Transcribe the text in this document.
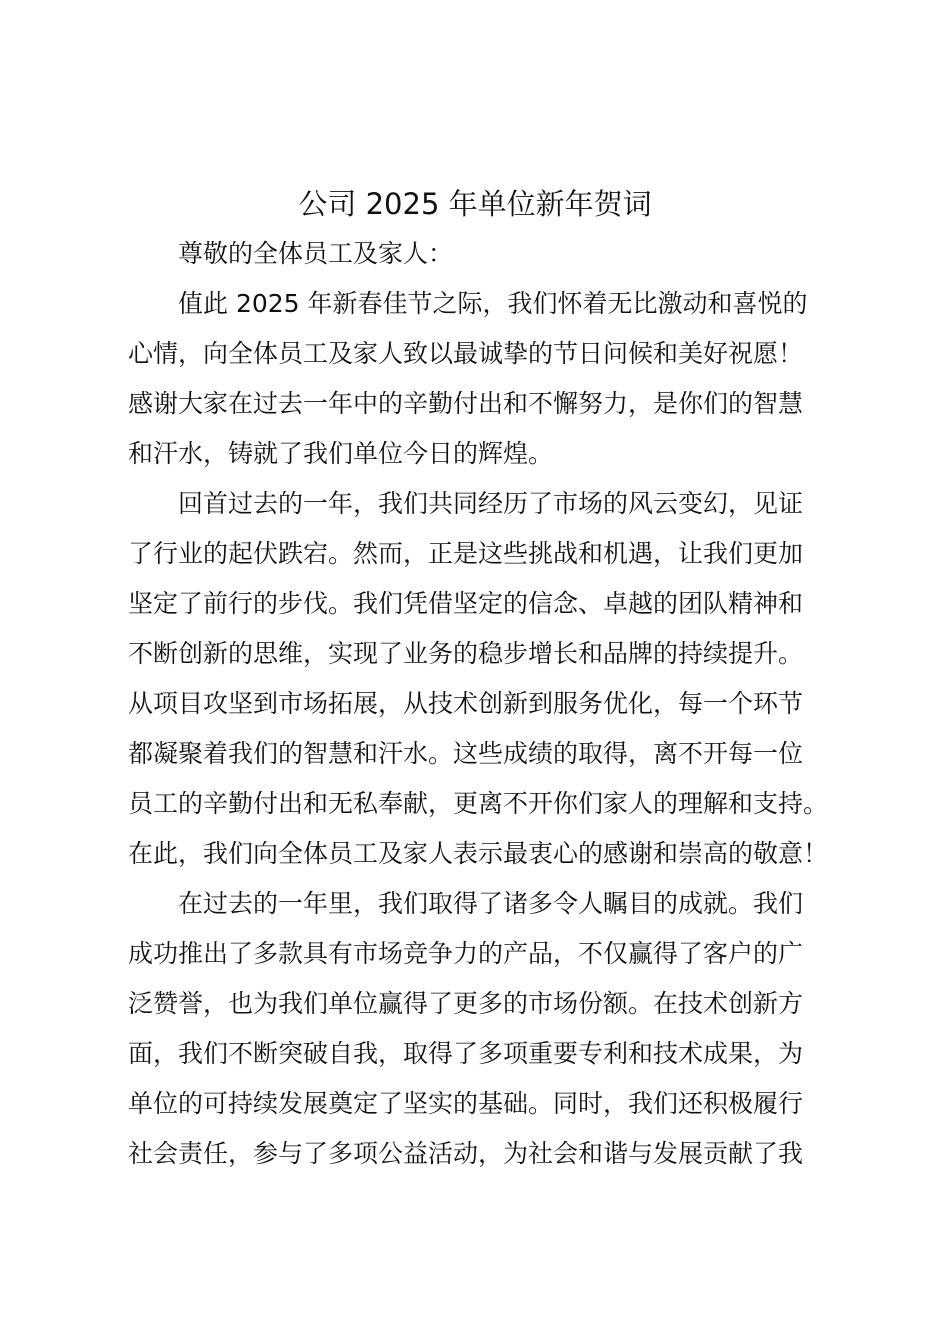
公司 2025 年单位新年贺词
尊敬的全体员工及家人：
值此 2025 年新春佳节之际，我们怀着无比激动和喜悦的
心情，向全体员工及家人致以最诚挚的节日问候和美好祝愿！
感谢大家在过去一年中的辛勤付出和不懈努力，是你们的智慧
和汗水，铸就了我们单位今日的辉煌。
回首过去的一年，我们共同经历了市场的风云变幻，见证
了行业的起伏跌宕。然而，正是这些挑战和机遇，让我们更加
坚定了前行的步伐。我们凭借坚定的信念、卓越的团队精神和
不断创新的思维，实现了业务的稳步增长和品牌的持续提升。
从项目攻坚到市场拓展，从技术创新到服务优化，每一个环节
都凝聚着我们的智慧和汗水。这些成绩的取得，离不开每一位
员工的辛勤付出和无私奉献，更离不开你们家人的理解和支持。
在此，我们向全体员工及家人表示最衷心的感谢和崇高的敬意！
在过去的一年里，我们取得了诸多令人瞩目的成就。我们
成功推出了多款具有市场竞争力的产品，不仅赢得了客户的广
泛赞誉，也为我们单位赢得了更多的市场份额。在技术创新方
面，我们不断突破自我，取得了多项重要专利和技术成果，为
单位的可持续发展奠定了坚实的基础。同时，我们还积极履行
社会责任，参与了多项公益活动，为社会和谐与发展贡献了我
